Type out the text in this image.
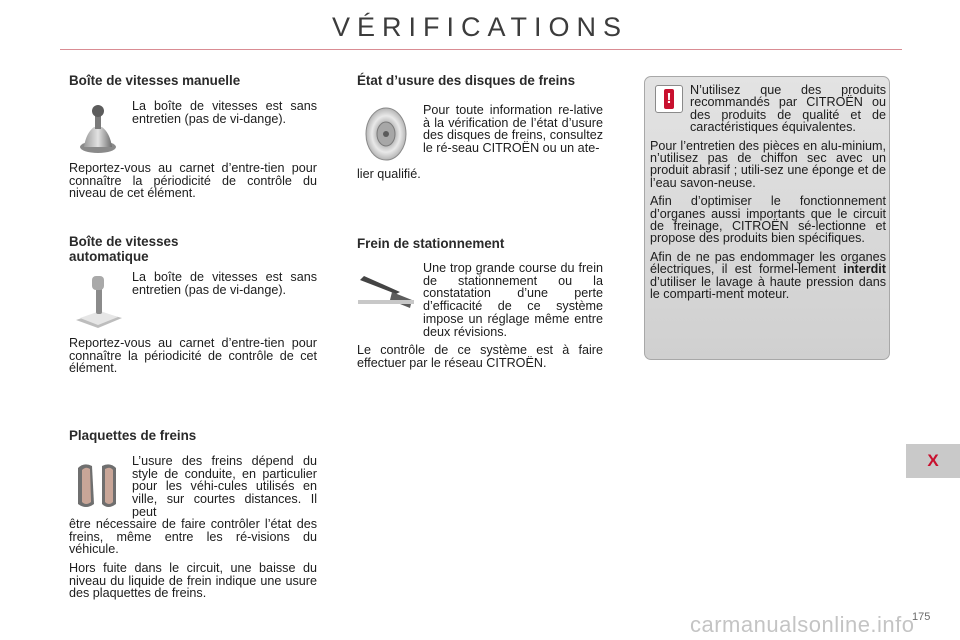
VÉRIFICATIONS
Boîte de vitesses manuelle
La boîte de vitesses est sans entretien (pas de vi-dange).
Reportez-vous au carnet d’entre-tien pour connaître la périodicité de contrôle du niveau de cet élément.
Boîte de vitesses automatique
La boîte de vitesses est sans entretien (pas de vi-dange).
Reportez-vous au carnet d’entre-tien pour connaître la périodicité de contrôle de cet élément.
Plaquettes de freins
L’usure des freins dépend du style de conduite, en particulier pour les véhi-cules utilisés en ville, sur courtes distances. Il peut
être nécessaire de faire contrôler l’état des freins, même entre les ré-visions du véhicule.
Hors fuite dans le circuit, une baisse du niveau du liquide de frein indique une usure des plaquettes de freins.
État d’usure des disques de freins
Pour toute information re-lative à la vérification de l’état d’usure des disques de freins, consultez le ré-seau CITROËN ou un ate-
lier qualifié.
Frein de stationnement
Une trop grande course du frein de stationnement ou la constatation d’une perte d’efficacité de ce système impose un réglage même entre deux révisions.
Le contrôle de ce système est à faire effectuer par le réseau CITROËN.
!	N’utilisez que des produits recommandés par CITROËN ou des produits de qualité et de caractéristiques équivalentes.

Pour l’entretien des pièces en alu-minium, n’utilisez pas de chiffon sec avec un produit abrasif ; utili-sez une éponge et de l’eau savon-neuse.

Afin d’optimiser le fonctionnement d’organes aussi importants que le circuit de freinage, CITROËN sé-lectionne et propose des produits bien spécifiques.

Afin de ne pas endommager les organes électriques, il est formel-lement interdit d’utiliser le lavage à haute pression dans le comparti-ment moteur.

X
carmanualsonline.info
175
